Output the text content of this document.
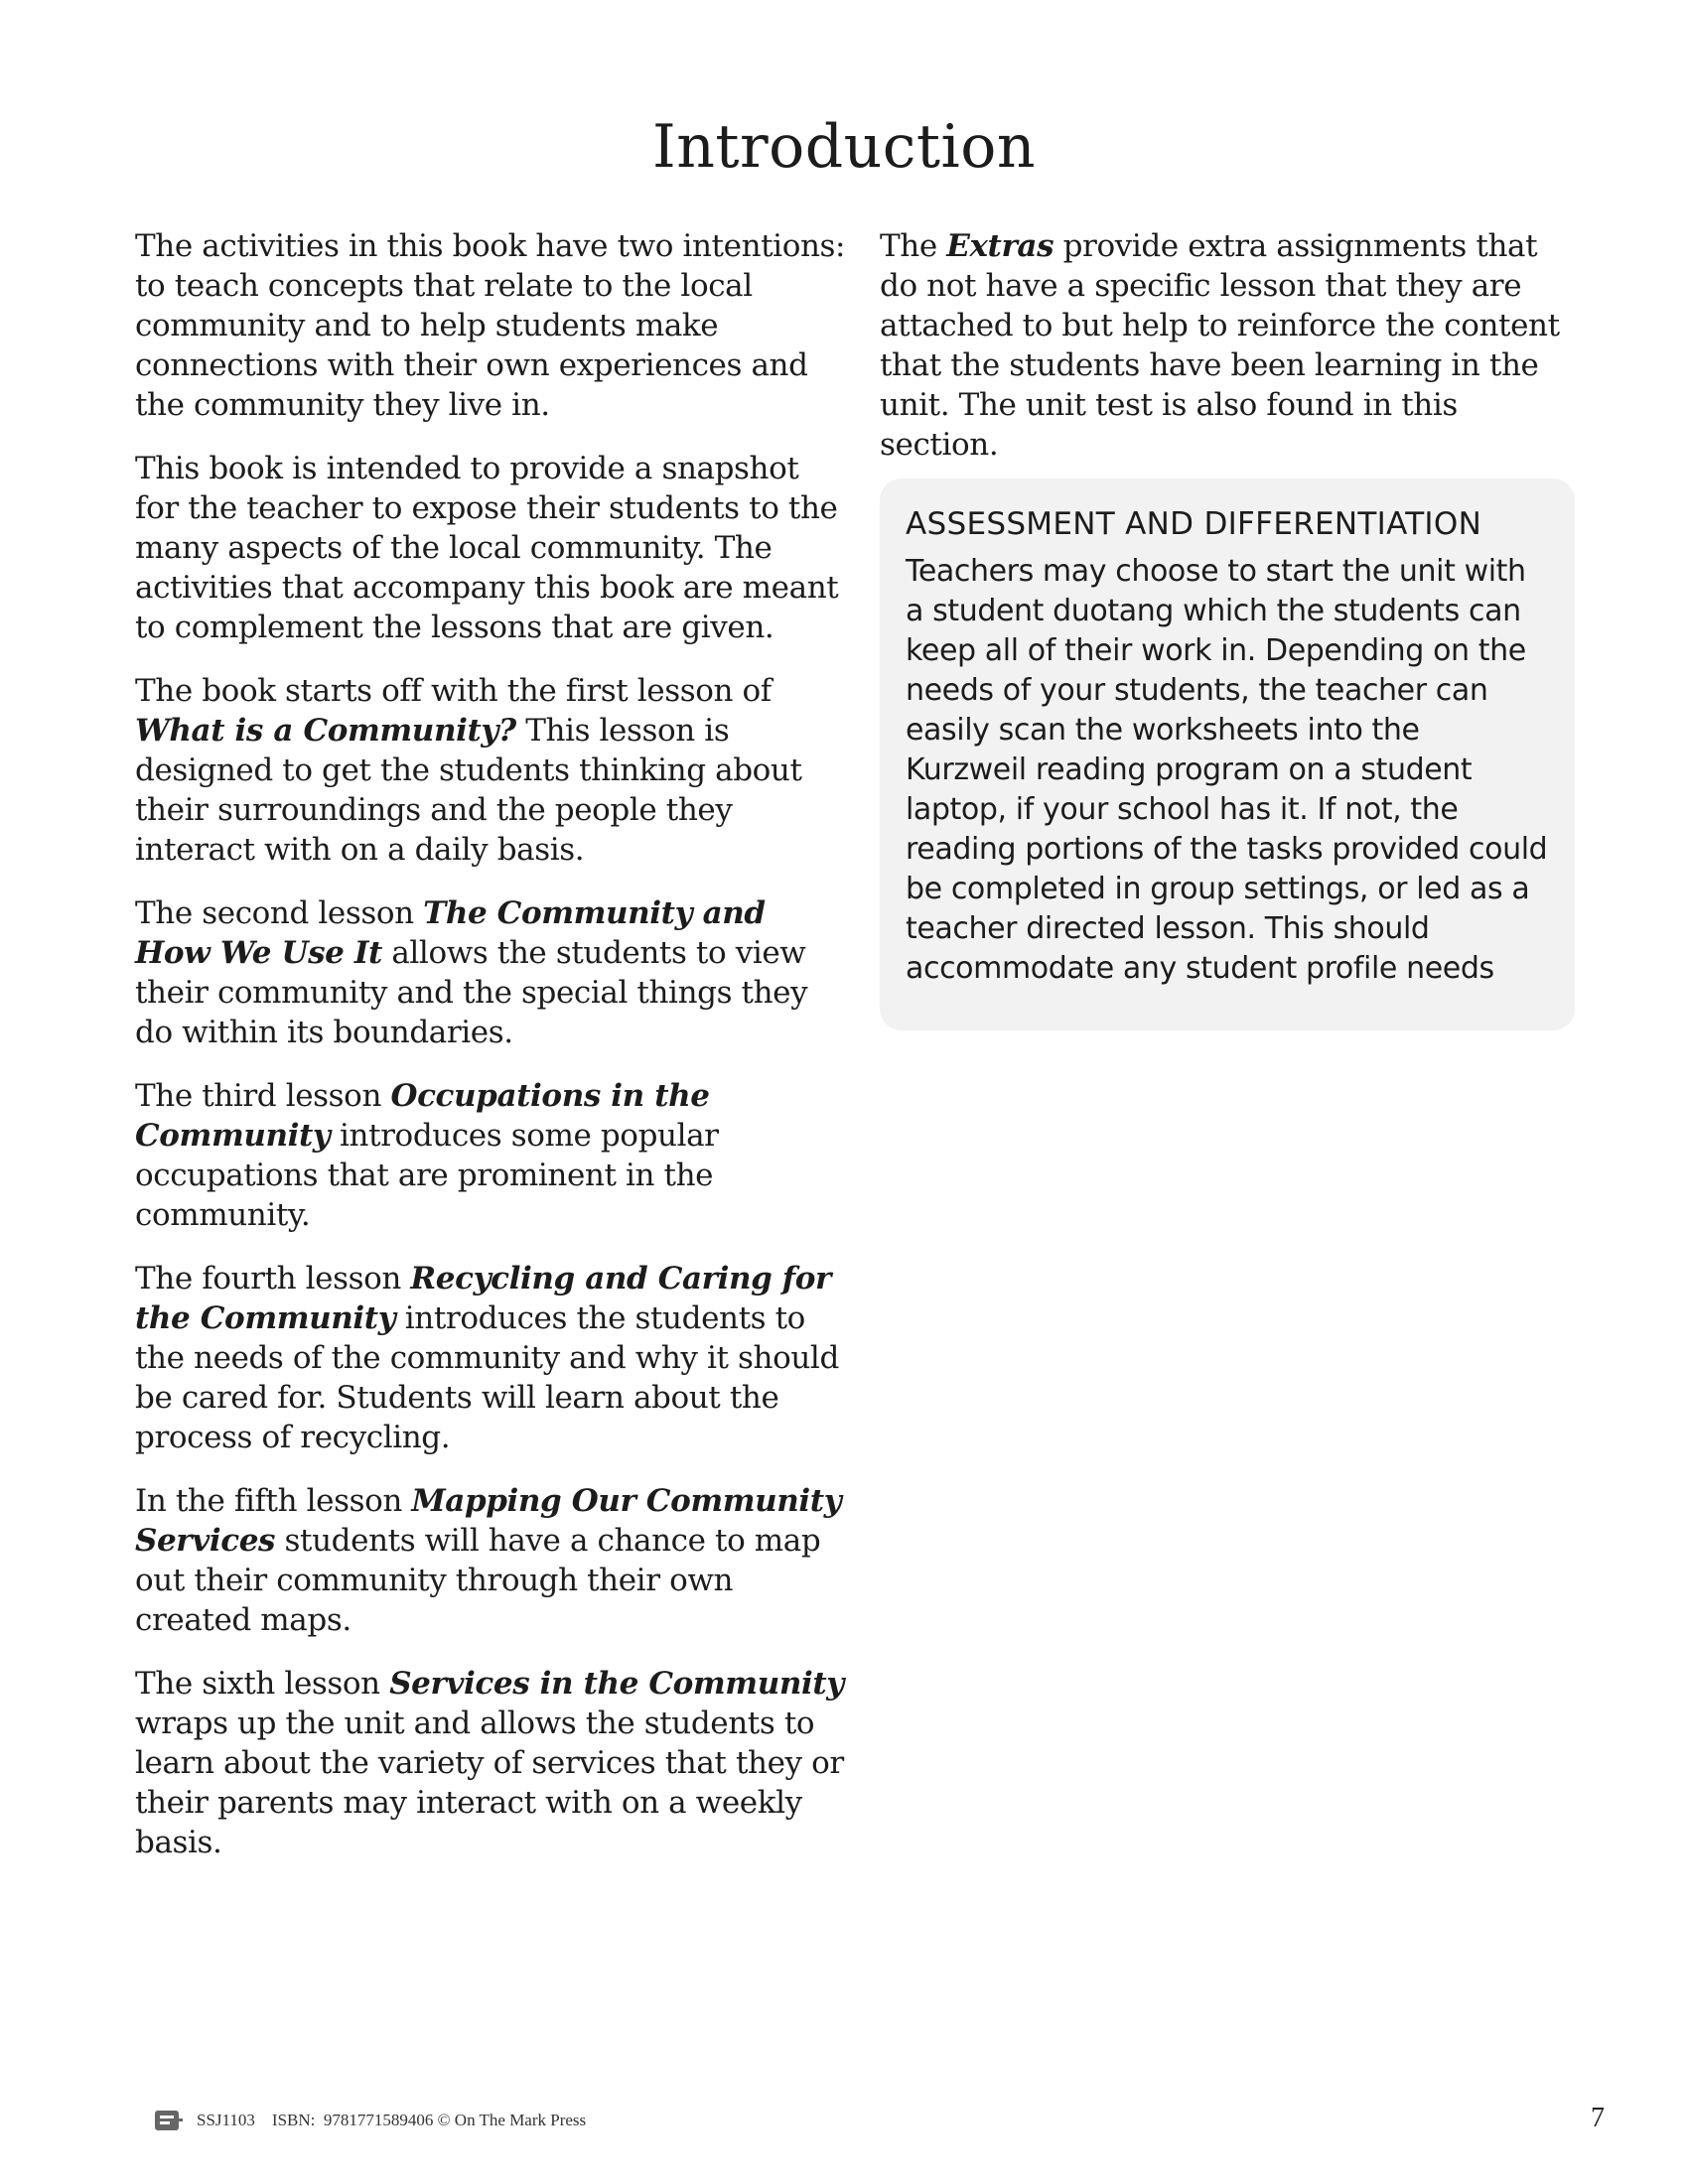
Introduction

The activities in this book have two intentions: to teach concepts that relate to the local community and to help students make connections with their own experiences and the community they live in.

This book is intended to provide a snapshot for the teacher to expose their students to the many aspects of the local community. The activities that accompany this book are meant to complement the lessons that are given.

The book starts off with the first lesson of What is a Community? This lesson is designed to get the students thinking about their surroundings and the people they interact with on a daily basis.

The second lesson The Community and How We Use It allows the students to view their community and the special things they do within its boundaries.

The third lesson Occupations in the Community introduces some popular occupations that are prominent in the community.

The fourth lesson Recycling and Caring for the Community introduces the students to the needs of the community and why it should be cared for. Students will learn about the process of recycling.

In the fifth lesson Mapping Our Community Services students will have a chance to map out their community through their own created maps.

The sixth lesson Services in the Community wraps up the unit and allows the students to learn about the variety of services that they or their parents may interact with on a weekly basis.

The Extras provide extra assignments that do not have a specific lesson that they are attached to but help to reinforce the content that the students have been learning in the unit. The unit test is also found in this section.

ASSESSMENT AND DIFFERENTIATION

Teachers may choose to start the unit with a student duotang which the students can keep all of their work in. Depending on the needs of your students, the teacher can easily scan the worksheets into the Kurzweil reading program on a student laptop, if your school has it. If not, the reading portions of the tasks provided could be completed in group settings, or led as a teacher directed lesson. This should accommodate any student profile needs

SSJ1103 ISBN:  9781771589406 © On The Mark Press	7
